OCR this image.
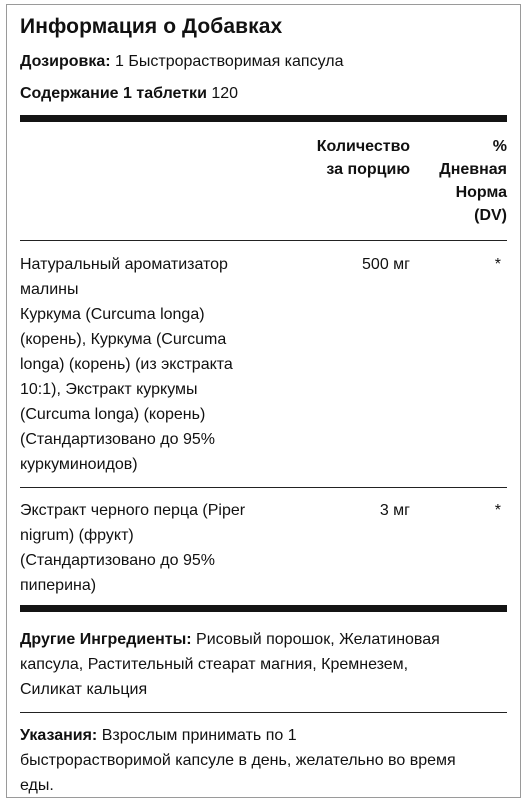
Информация о Добавках
Дозировка: 1 Быстрорастворимая капсула
Содержание 1 таблетки 120
Количество
за порцию
%
Дневная
Норма
(DV)
Натуральный ароматизатор
малины
Куркума (Curcuma longa)
(корень), Куркума (Curcuma
longa) (корень) (из экстракта
10:1), Экстракт куркумы
(Curcuma longa) (корень)
(Стандартизовано до 95%
куркуминоидов)
500 мг	*
Экстракт черного перца (Piper
nigrum) (фрукт)
(Стандартизовано до 95%
пиперина)
3 мг	*
Другие Ингредиенты: Рисовый порошок, Желатиновая
капсула, Растительный стеарат магния, Кремнезем,
Силикат кальция
Указания: Взрослым принимать по 1
быстрорастворимой капсуле в день, желательно во время
еды.
